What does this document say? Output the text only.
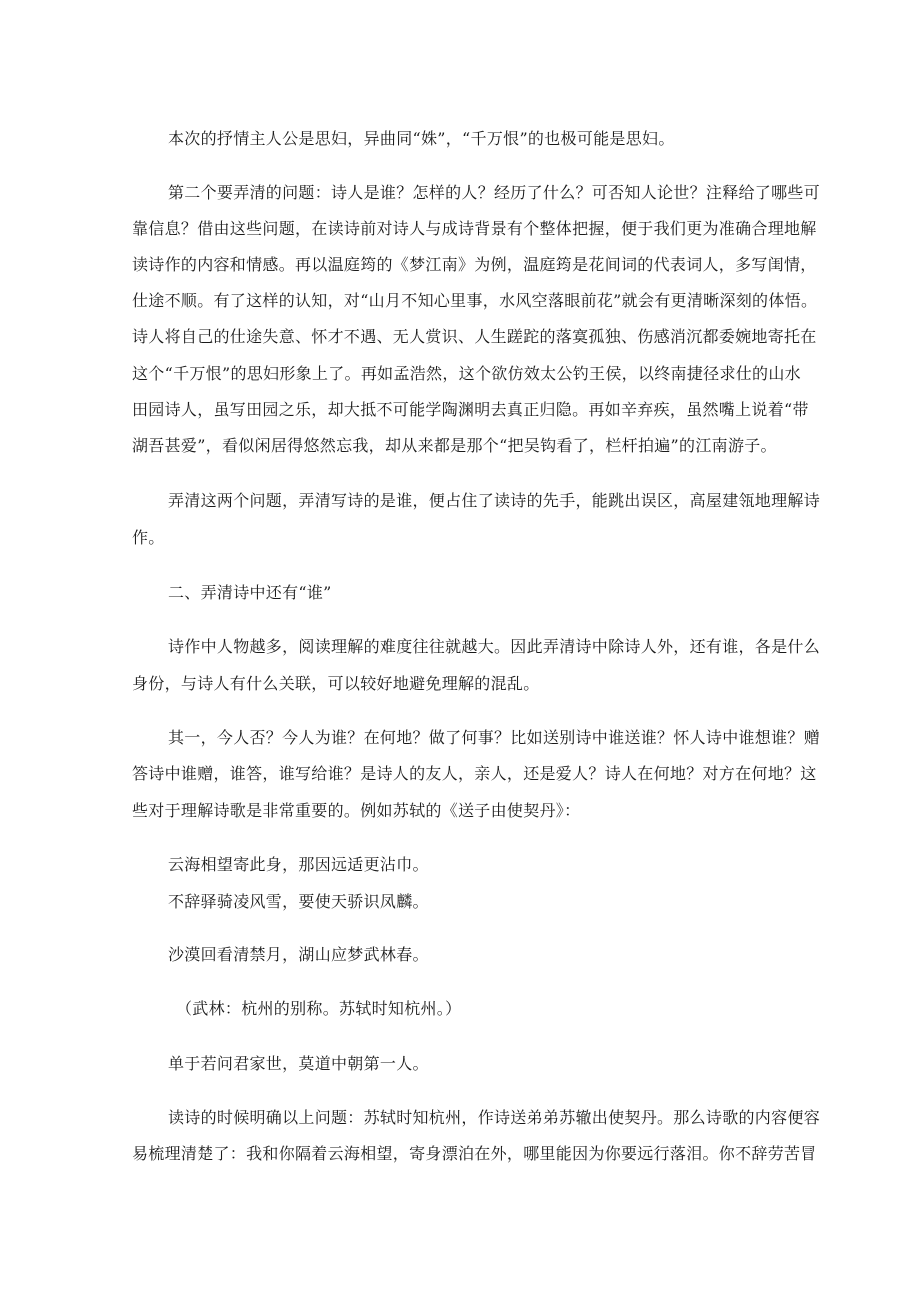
本次的抒情主人公是思妇，异曲同“姝”，“千万恨”的也极可能是思妇。
第二个要弄清的问题：诗人是谁？怎样的人？经历了什么？可否知人论世？注释给了哪些可
靠信息？借由这些问题，在读诗前对诗人与成诗背景有个整体把握，便于我们更为准确合理地解
读诗作的内容和情感。再以温庭筠的《梦江南》为例，温庭筠是花间词的代表词人，多写闺情，
仕途不顺。有了这样的认知，对“山月不知心里事，水风空落眼前花”就会有更清晰深刻的体悟。
诗人将自己的仕途失意、怀才不遇、无人赏识、人生蹉跎的落寞孤独、伤感消沉都委婉地寄托在
这个“千万恨”的思妇形象上了。再如孟浩然，这个欲仿效太公钓王侯，以终南捷径求仕的山水
田园诗人，虽写田园之乐，却大抵不可能学陶渊明去真正归隐。再如辛弃疾，虽然嘴上说着“带
湖吾甚爱”，看似闲居得悠然忘我，却从来都是那个“把吴钩看了，栏杆拍遍”的江南游子。
弄清这两个问题，弄清写诗的是谁，便占住了读诗的先手，能跳出误区，高屋建瓴地理解诗
作。
二、弄清诗中还有“谁”
诗作中人物越多，阅读理解的难度往往就越大。因此弄清诗中除诗人外，还有谁，各是什么
身份，与诗人有什么关联，可以较好地避免理解的混乱。
其一，今人否？今人为谁？在何地？做了何事？比如送别诗中谁送谁？怀人诗中谁想谁？赠
答诗中谁赠，谁答，谁写给谁？是诗人的友人，亲人，还是爱人？诗人在何地？对方在何地？这
些对于理解诗歌是非常重要的。例如苏轼的《送子由使契丹》：
云海相望寄此身，那因远适更沾巾。
不辞驿骑凌风雪，要使天骄识凤麟。
沙漠回看清禁月，湖山应梦武林春。
（武林：杭州的别称。苏轼时知杭州。）
单于若问君家世，莫道中朝第一人。
读诗的时候明确以上问题：苏轼时知杭州，作诗送弟弟苏辙出使契丹。那么诗歌的内容便容
易梳理清楚了：我和你隔着云海相望，寄身漂泊在外，哪里能因为你要远行落泪。你不辞劳苦冒
